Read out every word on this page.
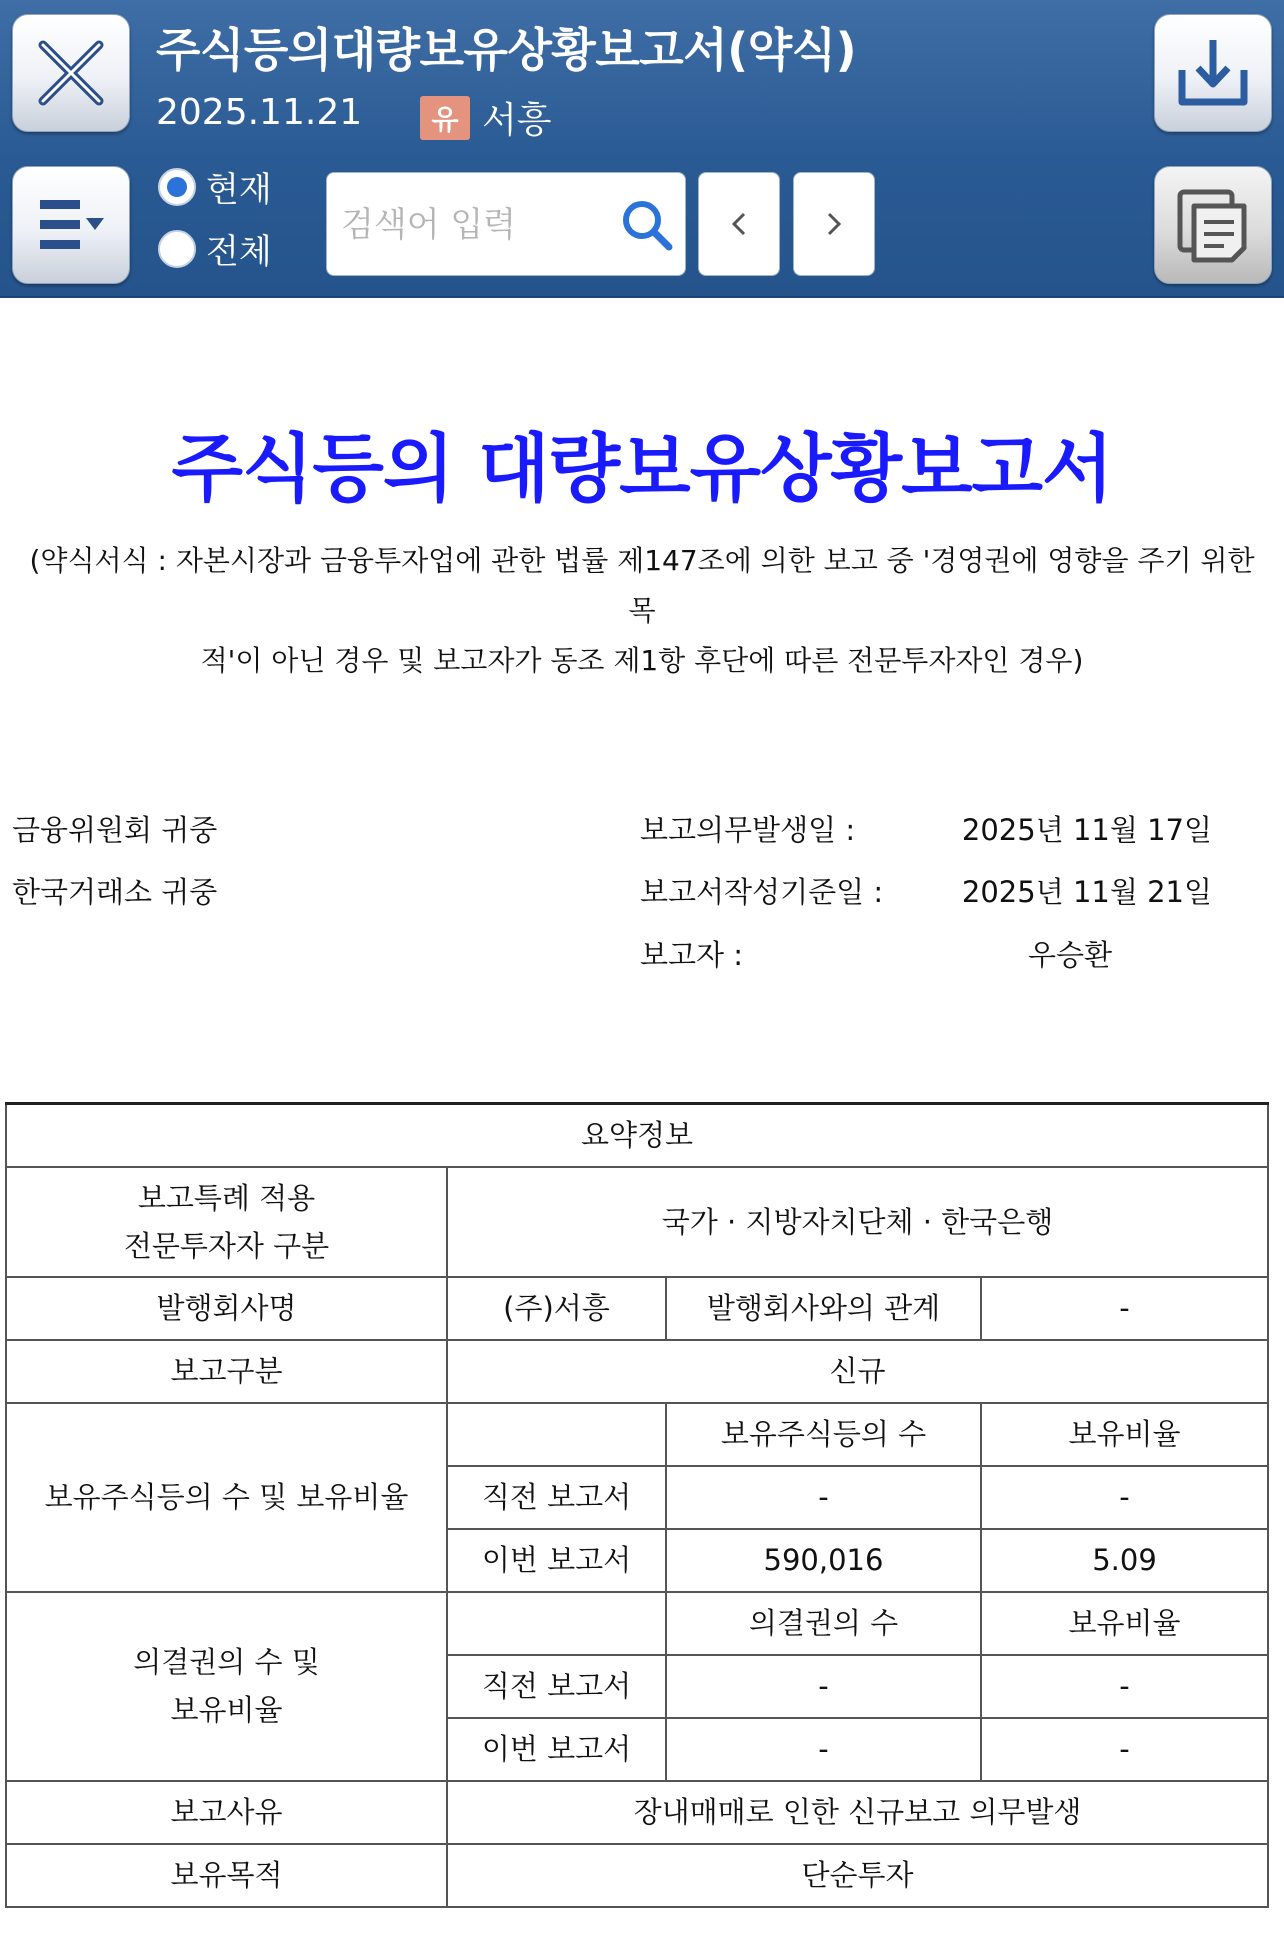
주식등의대량보유상황보고서(약식)
2025.11.21	유 서흥
현재
전체
검색어 입력
주식등의 대량보유상황보고서
(약식서식 : 자본시장과 금융투자업에 관한 법률 제147조에 의한 보고 중 '경영권에 영향을 주기 위한 목
적'이 아닌 경우 및 보고자가 동조 제1항 후단에 따른 전문투자자인 경우)
금융위원회 귀중
한국거래소 귀중
보고의무발생일 :	2025년 11월 17일
보고서작성기준일 :	2025년 11월 21일
보고자 :	우승환
요약정보			

보고특례 적용
전문투자자 구분	국가 · 지방자치단체 · 한국은행		
발행회사명	(주)서흥	발행회사와의 관계	-
보고구분	신규		
보유주식등의 수 및 보유비율		보유주식등의 수	보유비율
	직전 보고서	-	-
	이번 보고서	590,016	5.09

의결권의 수 및
보유비율		의결권의 수	보유비율
	직전 보고서	-	-
	이번 보고서	-	-
보고사유	장내매매로 인한 신규보고 의무발생		
보유목적	단순투자		
